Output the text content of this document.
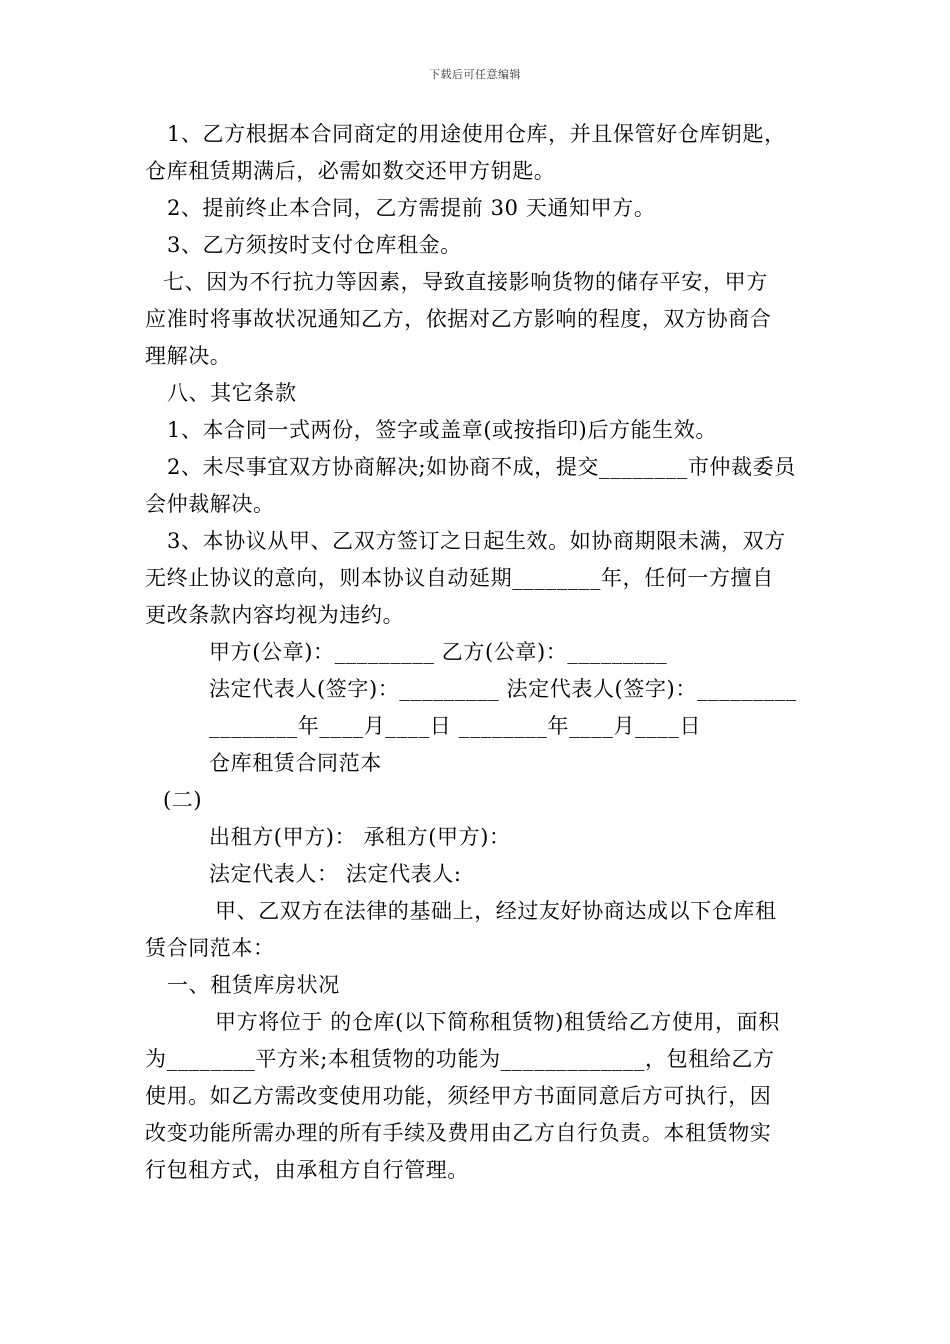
下载后可任意编辑
1、乙方根据本合同商定的用途使用仓库，并且保管好仓库钥匙，
仓库租赁期满后，必需如数交还甲方钥匙。
2、提前终止本合同，乙方需提前 30 天通知甲方。
3、乙方须按时支付仓库租金。
七、因为不行抗力等因素，导致直接影响货物的储存平安，甲方
应准时将事故状况通知乙方，依据对乙方影响的程度，双方协商合
理解决。
八、其它条款
1、本合同一式两份，签字或盖章(或按指印)后方能生效。
2、未尽事宜双方协商解决;如协商不成，提交________市仲裁委员
会仲裁解决。
3、本协议从甲、乙双方签订之日起生效。如协商期限未满，双方
无终止协议的意向，则本协议自动延期________年，任何一方擅自
更改条款内容均视为违约。
甲方(公章)：_________ 乙方(公章)：_________
法定代表人(签字)：_________ 法定代表人(签字)：_________
________年____月____日 ________年____月____日
仓库租赁合同范本
(二)
出租方(甲方)： 承租方(甲方)：
法定代表人： 法定代表人:
甲、乙双方在法律的基础上，经过友好协商达成以下仓库租
赁合同范本：
一、租赁库房状况
甲方将位于 的仓库(以下简称租赁物)租赁给乙方使用，面积
为________平方米;本租赁物的功能为_____________，包租给乙方
使用。如乙方需改变使用功能，须经甲方书面同意后方可执行，因
改变功能所需办理的所有手续及费用由乙方自行负责。本租赁物实
行包租方式，由承租方自行管理。
